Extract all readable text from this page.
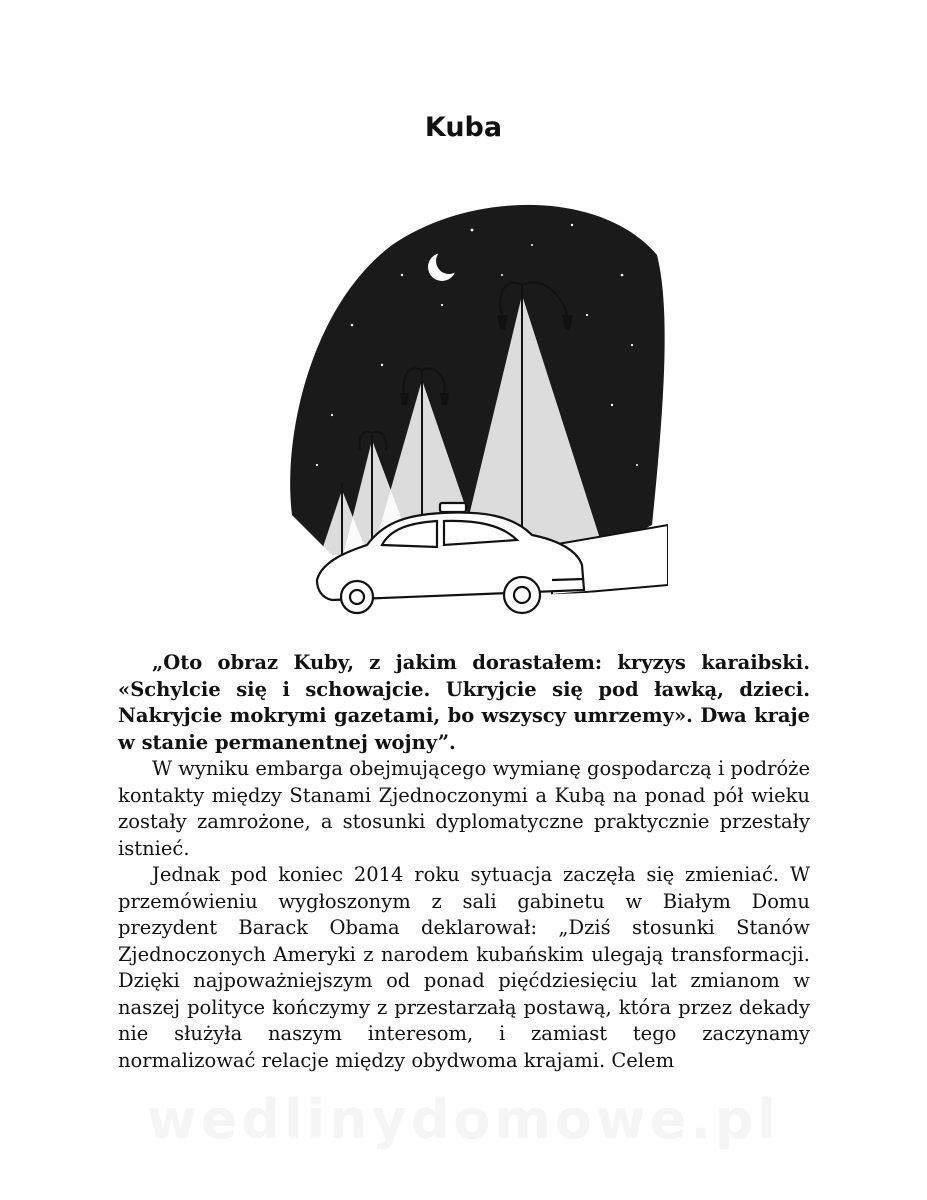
Kuba

„Oto obraz Kuby, z jakim dorastałem: kryzys karaibski. «Schylcie się i schowajcie. Ukryjcie się pod ławką, dzieci. Nakryjcie mokrymi gazetami, bo wszyscy umrzemy». Dwa kraje w stanie permanentnej wojny”.

W wyniku embarga obejmującego wymianę gospodarczą i podróże kontakty między Stanami Zjednoczonymi a Kubą na ponad pół wieku zostały zamrożone, a stosunki dyplomatyczne praktycznie przestały istnieć.

Jednak pod koniec 2014 roku sytuacja zaczęła się zmieniać. W przemówieniu wygłoszonym z sali gabinetu w Białym Domu prezydent Barack Obama deklarował: „Dziś stosunki Stanów Zjednoczonych Ameryki z narodem kubańskim ulegają transformacji. Dzięki najpoważniejszym od ponad pięćdziesięciu lat zmianom w naszej polityce kończymy z przestarzałą postawą, która przez dekady nie służyła naszym interesom, i zamiast tego zaczynamy normalizować relacje między obydwoma krajami. Celem

wedlinydomowe.pl
